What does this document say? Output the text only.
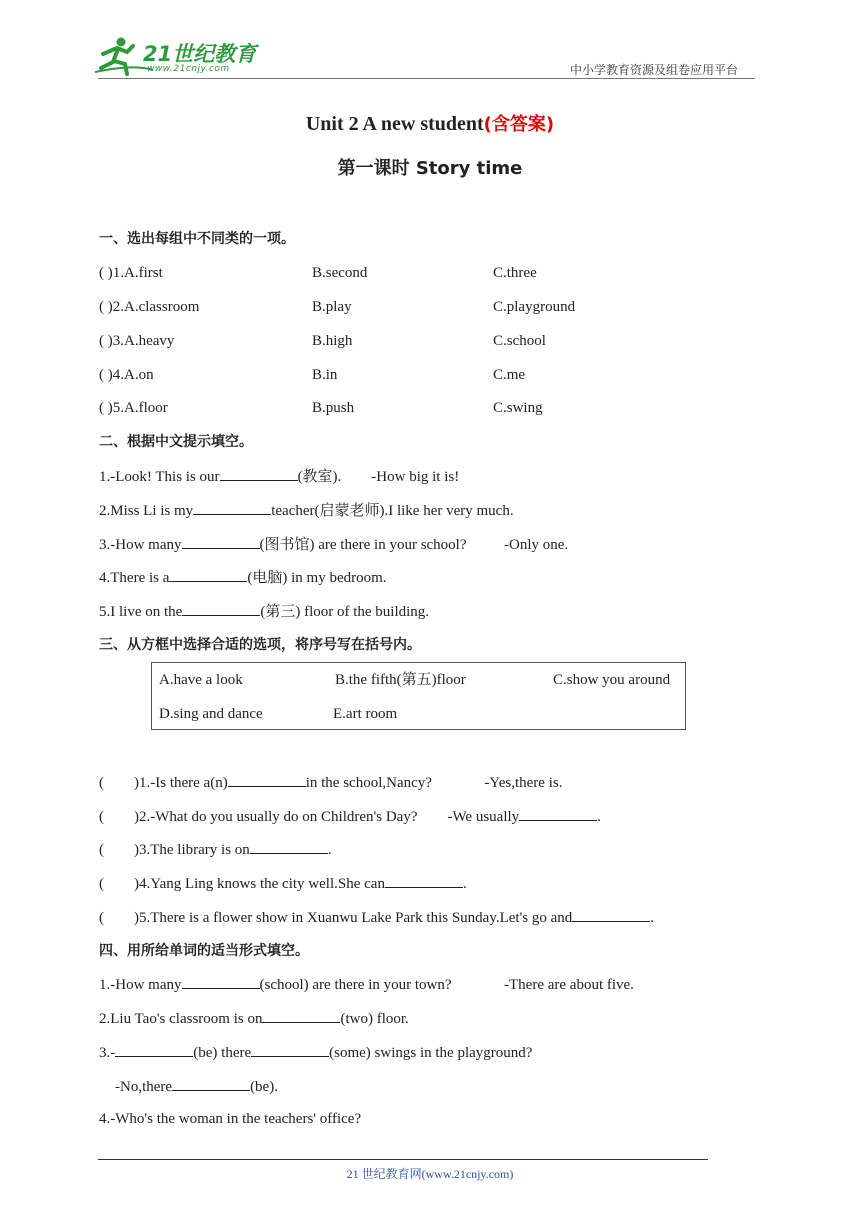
21世纪教育
www.21cnjy.com	中小学教育资源及组卷应用平台
Unit 2 A new student(含答案)
第一课时 Story time
一、选出每组中不同类的一项。
( )1.A.first	B.second	C.three
( )2.A.classroom	B.play	C.playground
( )3.A.heavy	B.high	C.school
( )4.A.on	B.in	C.me
( )5.A.floor	B.push	C.swing
二、根据中文提示填空。
1.-Look! This is our	(教室).        -How big it is!
2.Miss Li is my	teacher(启蒙老师).I like her very much.
3.-How many	(图书馆) are there in your school?          -Only one.
4.There is a	(电脑) in my bedroom.
5.I live on the	(第三) floor of the building.
三、从方框中选择合适的选项，将序号写在括号内。
A.have a look	B.the fifth(第五)floor	C.show you around
D.sing and dance	E.art room
(        )1.-Is there a(n)	in the school,Nancy?              -Yes,there is.
(        )2.-What do you usually do on Children's Day?        -We usually	.
(        )3.The library is on	.
(        )4.Yang Ling knows the city well.She can	.
(        )5.There is a flower show in Xuanwu Lake Park this Sunday.Let's go and	.
四、用所给单词的适当形式填空。
1.-How many	(school) are there in your town?              -There are about five.
2.Liu Tao's classroom is on	(two) floor.
3.-	(be) there	(some) swings in the playground?
-No,there	(be).
4.-Who's the woman in the teachers' office?
21 世纪教育网(www.21cnjy.com)
